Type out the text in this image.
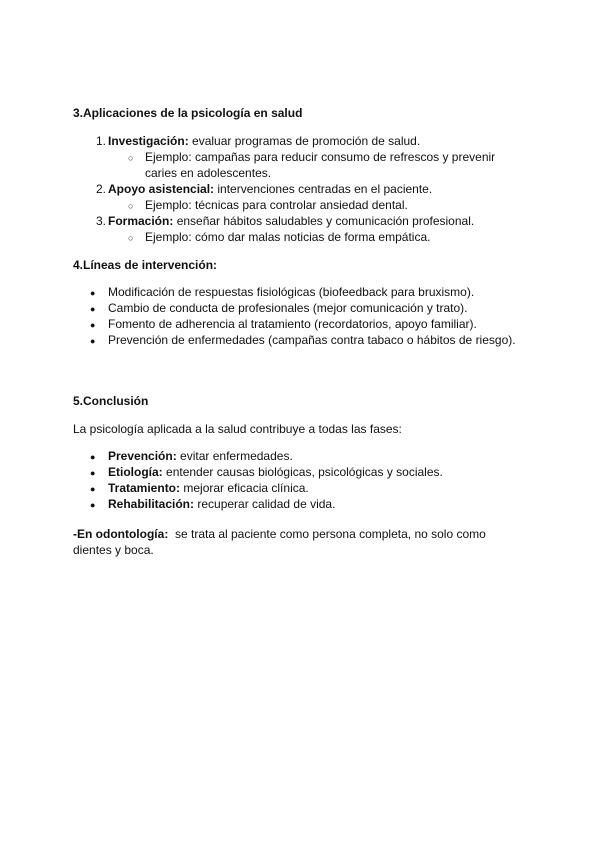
3.Aplicaciones de la psicología en salud
1. Investigación: evaluar programas de promoción de salud.
○ Ejemplo: campañas para reducir consumo de refrescos y prevenir
caries en adolescentes.
2. Apoyo asistencial: intervenciones centradas en el paciente.
○ Ejemplo: técnicas para controlar ansiedad dental.
3. Formación: enseñar hábitos saludables y comunicación profesional.
○ Ejemplo: cómo dar malas noticias de forma empática.
4.Líneas de intervención:
● Modificación de respuestas fisiológicas (biofeedback para bruxismo).
● Cambio de conducta de profesionales (mejor comunicación y trato).
● Fomento de adherencia al tratamiento (recordatorios, apoyo familiar).
● Prevención de enfermedades (campañas contra tabaco o hábitos de riesgo).
5.Conclusión
La psicología aplicada a la salud contribuye a todas las fases:
● Prevención: evitar enfermedades.
● Etiología: entender causas biológicas, psicológicas y sociales.
● Tratamiento: mejorar eficacia clínica.
● Rehabilitación: recuperar calidad de vida.
-En odontología: se trata al paciente como persona completa, no solo como dientes y boca.
